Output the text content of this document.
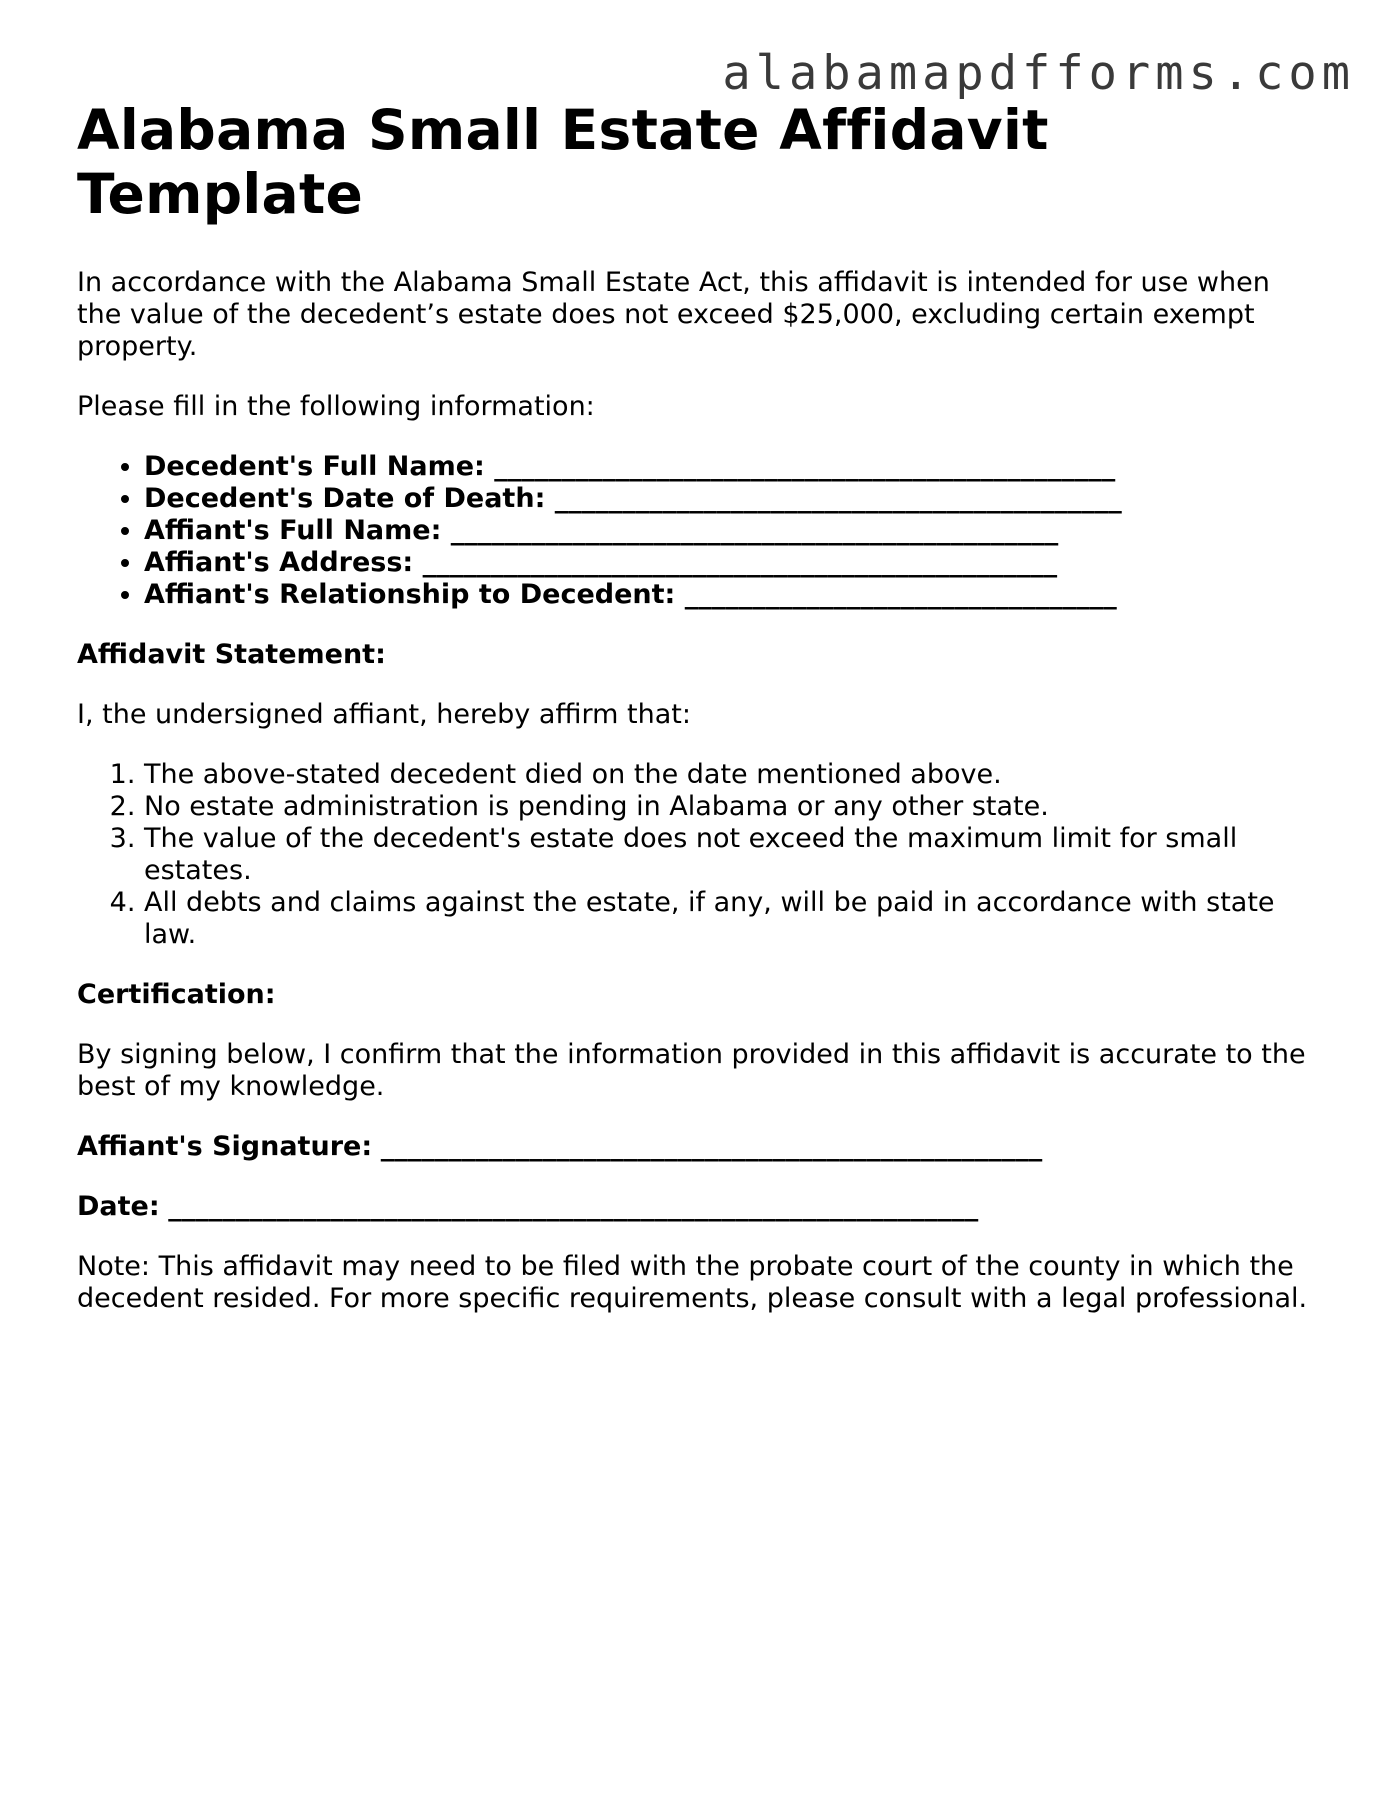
alabamapdfforms.com
Alabama Small Estate Affidavit Template

In accordance with the Alabama Small Estate Act, this affidavit is intended for use when the value of the decedent’s estate does not exceed $25,000, excluding certain exempt property.

Please fill in the following information:

• Decedent's Full Name: ______________________________________________
• Decedent's Date of Death: __________________________________________
• Affiant's Full Name: _____________________________________________
• Affiant's Address: _______________________________________________
• Affiant's Relationship to Decedent: ________________________________

Affidavit Statement:

I, the undersigned affiant, hereby affirm that:

1. The above-stated decedent died on the date mentioned above.
2. No estate administration is pending in Alabama or any other state.
3. The value of the decedent's estate does not exceed the maximum limit for small estates.
4. All debts and claims against the estate, if any, will be paid in accordance with state law.

Certification:

By signing below, I confirm that the information provided in this affidavit is accurate to the best of my knowledge.

Affiant's Signature: _________________________________________________

Date: ____________________________________________________________

Note: This affidavit may need to be filed with the probate court of the county in which the decedent resided. For more specific requirements, please consult with a legal professional.
